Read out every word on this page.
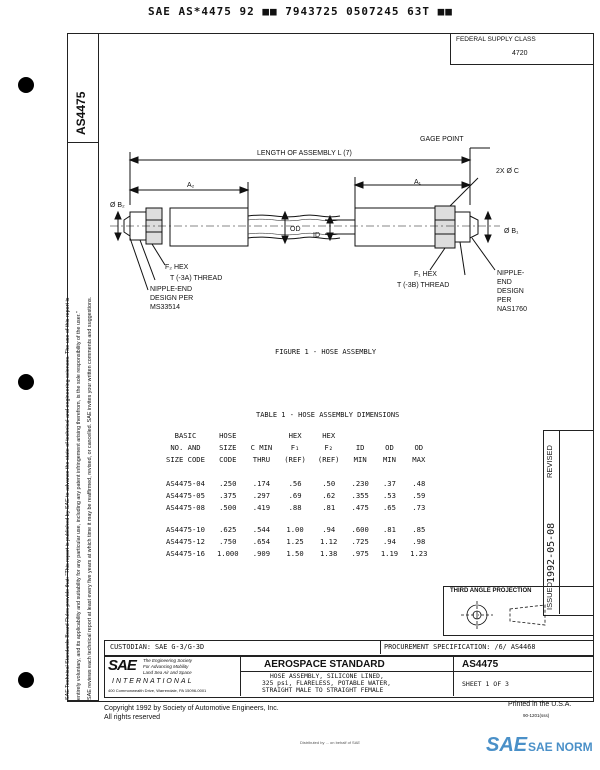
SAE AS*4475 92 ■■ 7943725 0507245 63T ■■
AS4475
SAE Technical Standards Board Rules provide that: "This report is published by SAE to advance the state of technical and engineering sciences. The use of this report is entirely voluntary, and its applicability and suitability for any particular use, including any patent infringement arising therefrom, is the sole responsibility of the user." SAE reviews each technical report at least every five years at which time it may be reaffirmed, revised, or cancelled. SAE invites your written comments and suggestions.
FEDERAL SUPPLY CLASS
4720
GAGE POINT
LENGTH OF ASSEMBLY L (7)
A₂	A₁
2X Ø C
Ø B₂
OD
ID
Ø B₁
F₂ HEX
T (-3A) THREAD
NIPPLE-END
DESIGN PER
MS33514
F₁ HEX
T (-3B) THREAD
NIPPLE-
END
DESIGN
PER
NAS1760
FIGURE 1 - HOSE ASSEMBLY
TABLE 1 - HOSE ASSEMBLY DIMENSIONS
BASIC	HOSE		HEX	HEX			
NO. AND	SIZE	C MIN	F₁	F₂	ID	OD	OD
SIZE CODE	CODE	THRU	(REF)	(REF)	MIN	MIN	MAX

AS4475-04	.250	.174	.56	.50	.230	.37	.48
AS4475-05	.375	.297	.69	.62	.355	.53	.59
AS4475-08	.500	.419	.88	.81	.475	.65	.73

AS4475-10	.625	.544	1.00	.94	.600	.81	.85
AS4475-12	.750	.654	1.25	1.12	.725	.94	.98
AS4475-16	1.000	.909	1.50	1.38	.975	1.19	1.23
REVISED
ISSUED
1992-05-08
THIRD ANGLE PROJECTION
CUSTODIAN: SAE G-3/G-3D	PROCUREMENT SPECIFICATION: /6/ AS4468
SAE The Engineering Society
For Advancing Mobility
Land Sea Air and Space
INTERNATIONAL
400 Commonwealth Drive, Warrendale, PA 15096-0001
AEROSPACE STANDARD
HOSE ASSEMBLY, SILICONE LINED,
325 psi, FLARELESS, POTABLE WATER,
STRAIGHT MALE TO STRAIGHT FEMALE
AS4475
SHEET 1 OF 3
Copyright 1992 by Society of Automotive Engineers, Inc.
All rights reserved
Printed in the U.S.A.
90-1201(sss)
Distributed by ... on behalf of SAE	SAE SAE NORM
